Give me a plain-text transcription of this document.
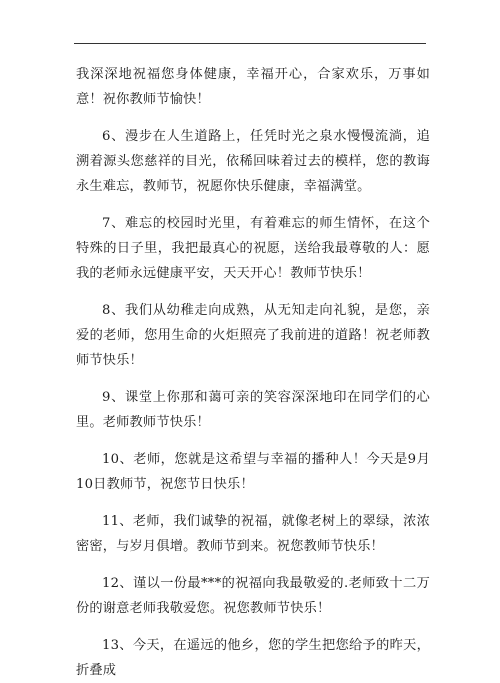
我深深地祝福您身体健康，幸福开心，合家欢乐，万事如意！祝你教师节愉快！

6、漫步在人生道路上，任凭时光之泉水慢慢流淌，追溯着源头您慈祥的目光，依稀回味着过去的模样，您的教诲永生难忘，教师节，祝愿你快乐健康，幸福满堂。

7、难忘的校园时光里，有着难忘的师生情怀，在这个特殊的日子里，我把最真心的祝愿，送给我最尊敬的人：愿我的老师永远健康平安，天天开心！教师节快乐！

8、我们从幼稚走向成熟，从无知走向礼貌，是您，亲爱的老师，您用生命的火炬照亮了我前进的道路！祝老师教师节快乐！

9、课堂上你那和蔼可亲的笑容深深地印在同学们的心里。老师教师节快乐！

10、老师，您就是这希望与幸福的播种人！今天是9月10日教师节，祝您节日快乐！

11、老师，我们诚挚的祝福，就像老树上的翠绿，浓浓密密，与岁月俱增。教师节到来。祝您教师节快乐！

12、谨以一份最***的祝福向我最敬爱的.老师致十二万份的谢意老师我敬爱您。祝您教师节快乐！

13、今天，在遥远的他乡，您的学生把您给予的昨天，折叠成
